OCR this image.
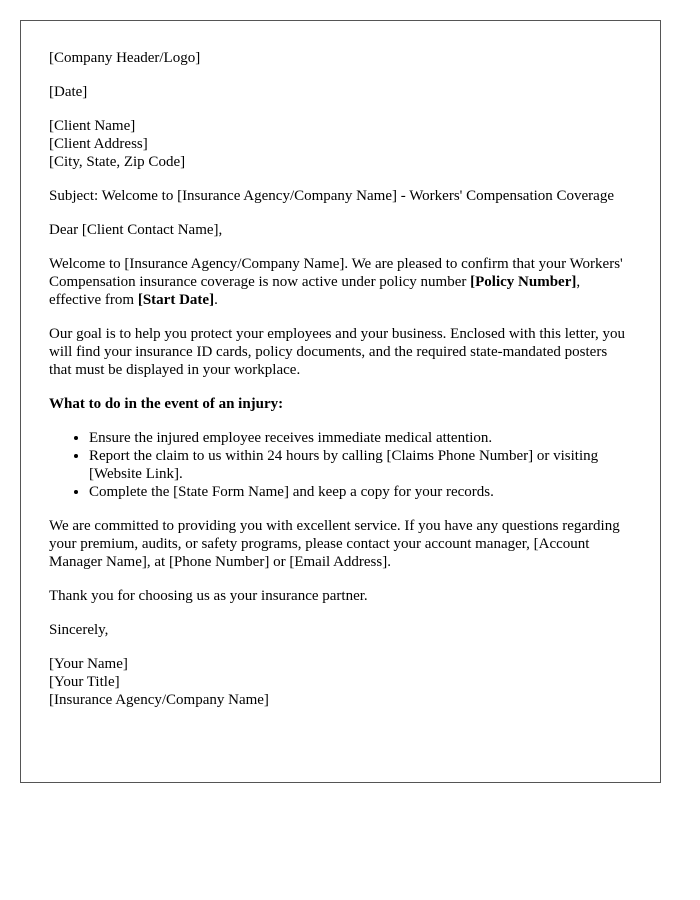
[Company Header/Logo]

[Date]

[Client Name]
[Client Address]
[City, State, Zip Code]

Subject: Welcome to [Insurance Agency/Company Name] - Workers' Compensation Coverage

Dear [Client Contact Name],

Welcome to [Insurance Agency/Company Name]. We are pleased to confirm that your Workers' Compensation insurance coverage is now active under policy number [Policy Number], effective from [Start Date].

Our goal is to help you protect your employees and your business. Enclosed with this letter, you will find your insurance ID cards, policy documents, and the required state-mandated posters that must be displayed in your workplace.

What to do in the event of an injury:

• Ensure the injured employee receives immediate medical attention.
• Report the claim to us within 24 hours by calling [Claims Phone Number] or visiting [Website Link].
• Complete the [State Form Name] and keep a copy for your records.

We are committed to providing you with excellent service. If you have any questions regarding your premium, audits, or safety programs, please contact your account manager, [Account Manager Name], at [Phone Number] or [Email Address].

Thank you for choosing us as your insurance partner.

Sincerely,

[Your Name]
[Your Title]
[Insurance Agency/Company Name]
